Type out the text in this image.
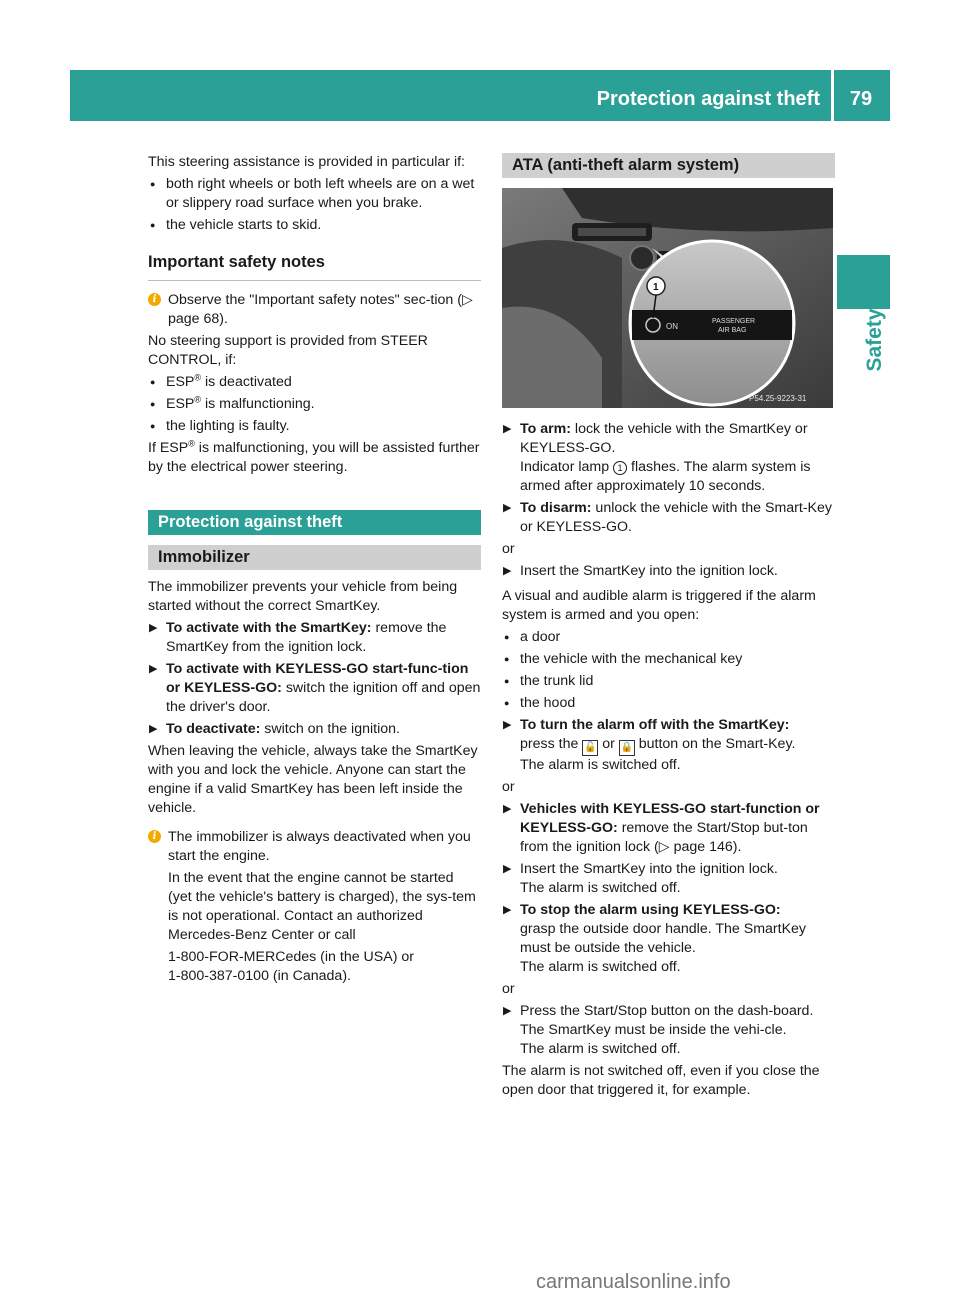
Protection against theft	79
Safety

This steering assistance is provided in particular if:

● both right wheels or both left wheels are on a wet or slippery road surface when you brake.
● the vehicle starts to skid.
Important safety notes
i Observe the "Important safety notes" sec-tion (▷ page 68).

No steering support is provided from STEER CONTROL, if:

● ESP® is deactivated
● ESP® is malfunctioning.
● the lighting is faulty.

If ESP® is malfunctioning, you will be assisted further by the electrical power steering.

Protection against theft
Immobilizer

The immobilizer prevents your vehicle from being started without the correct SmartKey.

▶ To activate with the SmartKey: remove the SmartKey from the ignition lock.
▶ To activate with KEYLESS-GO start-func-tion or KEYLESS-GO: switch the ignition off and open the driver's door.
▶ To deactivate: switch on the ignition.

When leaving the vehicle, always take the SmartKey with you and lock the vehicle. Anyone can start the engine if a valid SmartKey has been left inside the vehicle.

i The immobilizer is always deactivated when you start the engine.

In the event that the engine cannot be started (yet the vehicle's battery is charged), the sys-tem is not operational. Contact an authorized Mercedes-Benz Center or call

1-800-FOR-MERCedes (in the USA) or

1-800-387-0100 (in Canada).

ATA (anti-theft alarm system)
ON
PASSENGER
AIR BAG
1
P54.25-9223-31
▶ To arm: lock the vehicle with the SmartKey or KEYLESS-GO.
Indicator lamp 1 flashes. The alarm system is armed after approximately 10 seconds.
▶ To disarm: unlock the vehicle with the Smart-Key or KEYLESS-GO.

or

▶ Insert the SmartKey into the ignition lock.

A visual and audible alarm is triggered if the alarm system is armed and you open:

● a door
● the vehicle with the mechanical key
● the trunk lid
● the hood
▶ To turn the alarm off with the SmartKey:
press the 🔓 or 🔒 button on the Smart-Key.
The alarm is switched off.

or

▶ Vehicles with KEYLESS-GO start-function or KEYLESS-GO: remove the Start/Stop but-ton from the ignition lock (▷ page 146).
▶ Insert the SmartKey into the ignition lock.
The alarm is switched off.
▶ To stop the alarm using KEYLESS-GO:
grasp the outside door handle. The SmartKey must be outside the vehicle.
The alarm is switched off.

or

▶ Press the Start/Stop button on the dash-board. The SmartKey must be inside the vehi-cle.
The alarm is switched off.

The alarm is not switched off, even if you close the open door that triggered it, for example.

carmanualsonline.info
